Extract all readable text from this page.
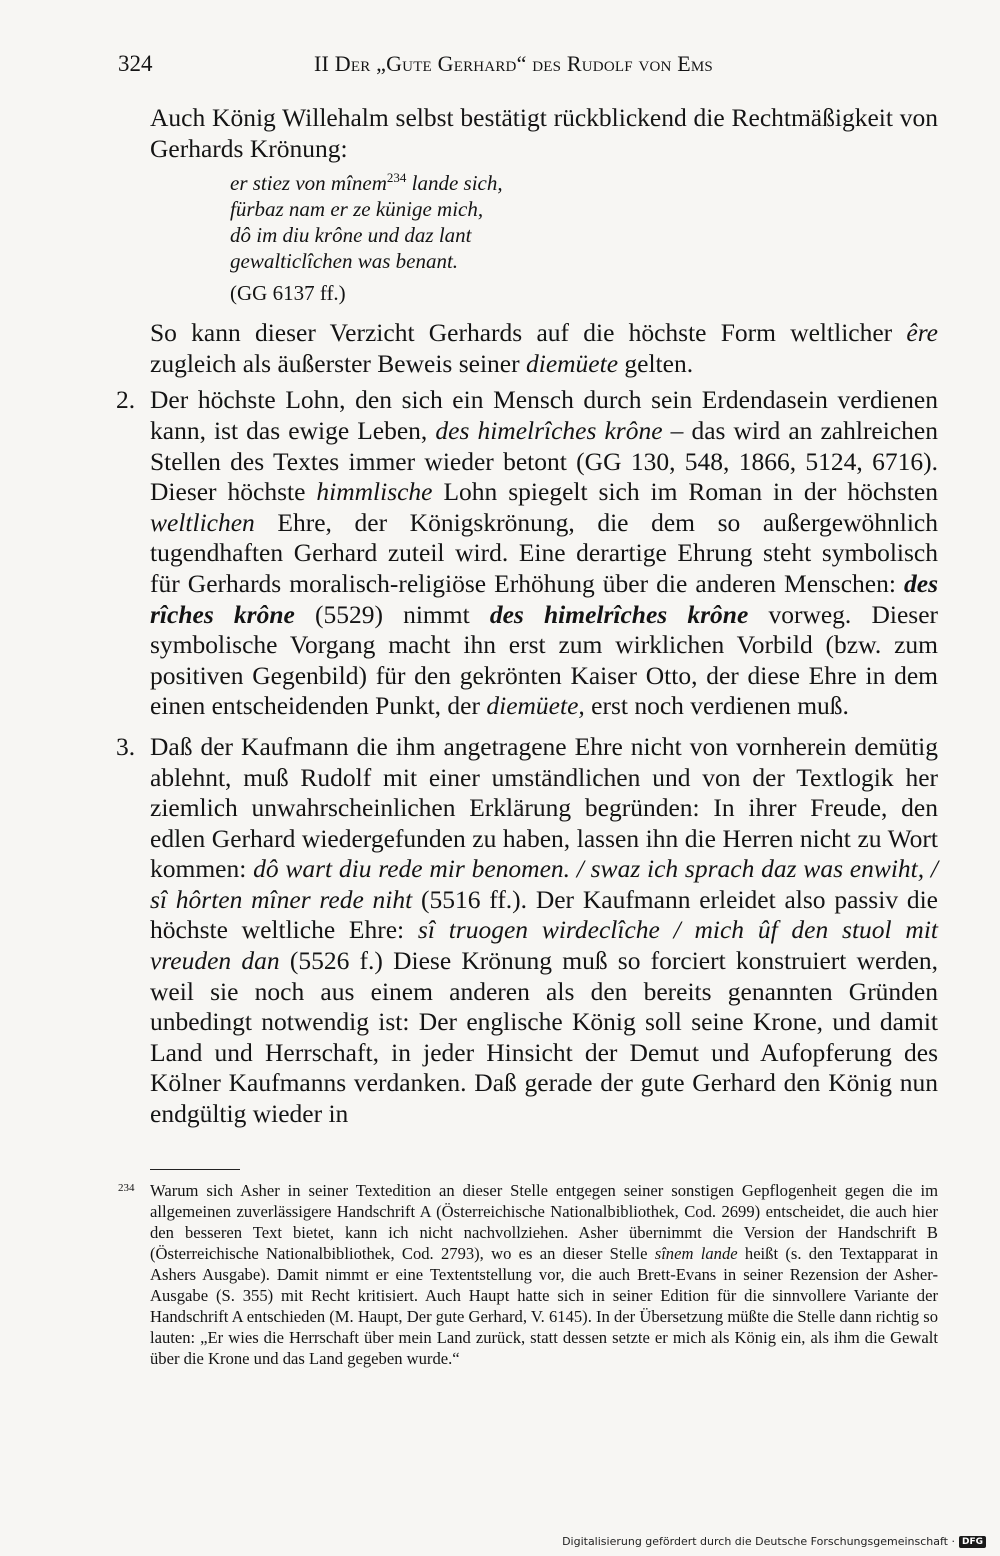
324	II Der „Gute Gerhard“ des Rudolf von Ems

Auch König Willehalm selbst bestätigt rückblickend die Rechtmäßigkeit von Gerhards Krönung:

er stiez von mînem$^{234}$ lande sich,
fürbaz nam er ze künige mich,
dô im diu krône und daz lant
gewalticlîchen was benant.
(GG 6137 ff.)

So kann dieser Verzicht Gerhards auf die höchste Form weltlicher êre zugleich als äußerster Beweis seiner diemüete gelten.

2. Der höchste Lohn, den sich ein Mensch durch sein Erdendasein verdienen kann, ist das ewige Leben, des himelrîches krône – das wird an zahlreichen Stellen des Textes immer wieder betont (GG 130, 548, 1866, 5124, 6716). Dieser höchste himmlische Lohn spiegelt sich im Roman in der höchsten weltlichen Ehre, der Königskrönung, die dem so außergewöhnlich tugendhaften Gerhard zuteil wird. Eine derartige Ehrung steht symbolisch für Gerhards moralisch-religiöse Erhöhung über die anderen Menschen: des rîches krône (5529) nimmt des himelrîches krône vorweg. Dieser symbolische Vorgang macht ihn erst zum wirklichen Vorbild (bzw. zum positiven Gegenbild) für den gekrönten Kaiser Otto, der diese Ehre in dem einen entscheidenden Punkt, der diemüete, erst noch verdienen muß.
3. Daß der Kaufmann die ihm angetragene Ehre nicht von vornherein demütig ablehnt, muß Rudolf mit einer umständlichen und von der Textlogik her ziemlich unwahrscheinlichen Erklärung begründen: In ihrer Freude, den edlen Gerhard wiedergefunden zu haben, lassen ihn die Herren nicht zu Wort kommen: dô wart diu rede mir benomen. / swaz ich sprach daz was enwiht, / sî hôrten mîner rede niht (5516 ff.). Der Kaufmann erleidet also passiv die höchste weltliche Ehre: sî truogen wirdeclîche / mich ûf den stuol mit vreuden dan (5526 f.) Diese Krönung muß so forciert konstruiert werden, weil sie noch aus einem anderen als den bereits genannten Gründen unbedingt notwendig ist: Der englische König soll seine Krone, und damit Land und Herrschaft, in jeder Hinsicht der Demut und Aufopferung des Kölner Kaufmanns verdanken. Daß gerade der gute Gerhard den König nun endgültig wieder in
234 Warum sich Asher in seiner Textedition an dieser Stelle entgegen seiner sonstigen Gepflogenheit gegen die im allgemeinen zuverlässigere Handschrift A (Österreichische Nationalbibliothek, Cod. 2699) entscheidet, die auch hier den besseren Text bietet, kann ich nicht nachvollziehen. Asher übernimmt die Version der Handschrift B (Österreichische Nationalbibliothek, Cod. 2793), wo es an dieser Stelle sînem lande heißt (s. den Textapparat in Ashers Ausgabe). Damit nimmt er eine Textentstellung vor, die auch Brett-Evans in seiner Rezension der Asher-Ausgabe (S. 355) mit Recht kritisiert. Auch Haupt hatte sich in seiner Edition für die sinnvollere Variante der Handschrift A entschieden (M. Haupt, Der gute Gerhard, V. 6145). In der Übersetzung müßte die Stelle dann richtig so lauten: „Er wies die Herrschaft über mein Land zurück, statt dessen setzte er mich als König ein, als ihm die Gewalt über die Krone und das Land gegeben wurde.“
Digitalisierung gefördert durch die Deutsche Forschungsgemeinschaft · DFG
